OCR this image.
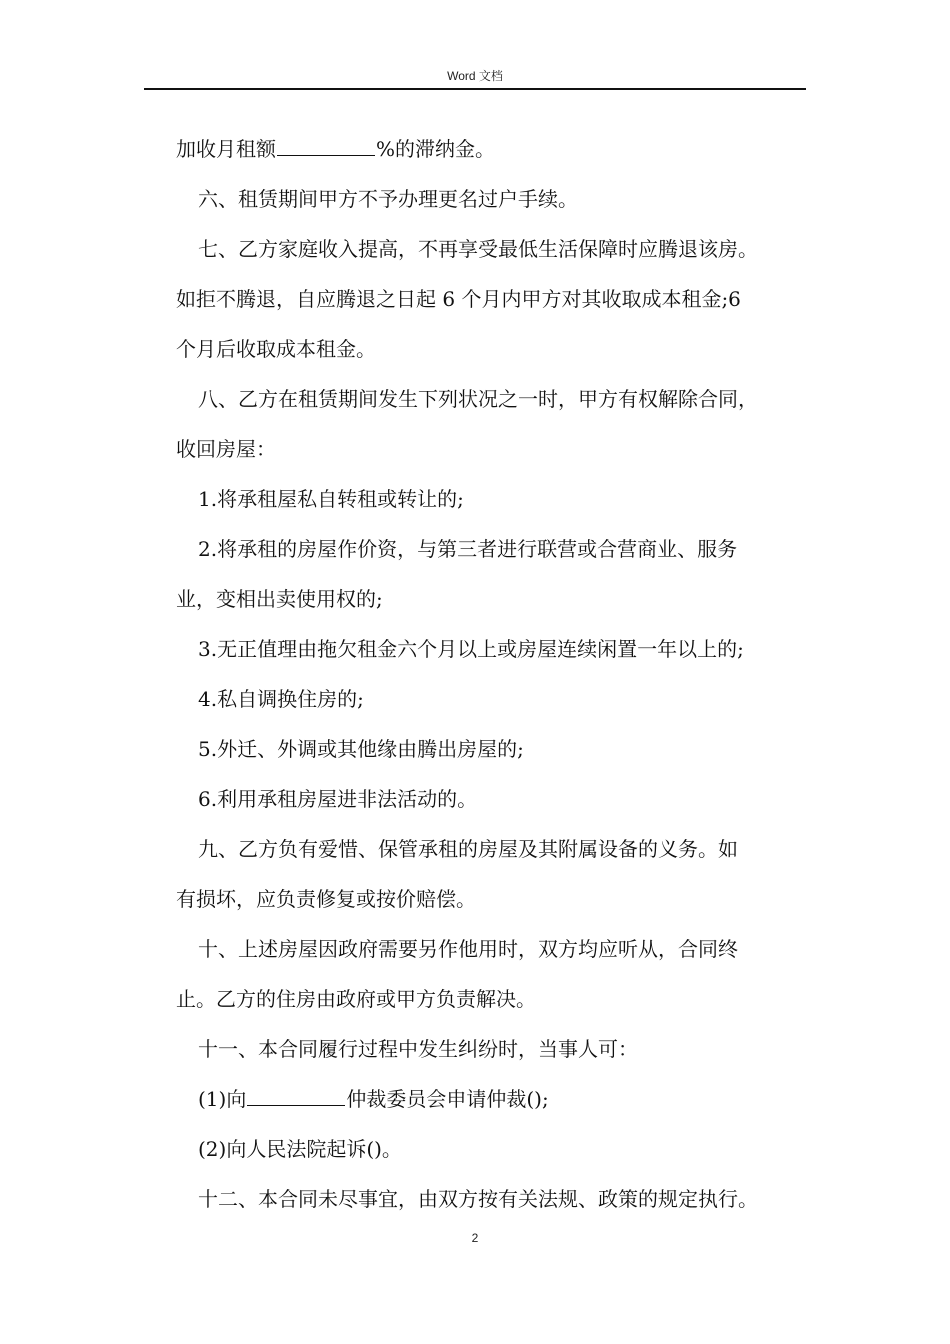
Word 文档
加收月租额	%的滞纳金。
六、租赁期间甲方不予办理更名过户手续。
七、乙方家庭收入提高，不再享受最低生活保障时应腾退该房。
如拒不腾退，自应腾退之日起 6 个月内甲方对其收取成本租金;6
个月后收取成本租金。
八、乙方在租赁期间发生下列状况之一时，甲方有权解除合同，
收回房屋：
1.将承租屋私自转租或转让的;
2.将承租的房屋作价资，与第三者进行联营或合营商业、服务
业，变相出卖使用权的;
3.无正值理由拖欠租金六个月以上或房屋连续闲置一年以上的;
4.私自调换住房的;
5.外迁、外调或其他缘由腾出房屋的;
6.利用承租房屋进非法活动的。
九、乙方负有爱惜、保管承租的房屋及其附属设备的义务。如
有损坏，应负责修复或按价赔偿。
十、上述房屋因政府需要另作他用时，双方均应听从，合同终
止。乙方的住房由政府或甲方负责解决。
十一、本合同履行过程中发生纠纷时，当事人可：
(1)向	仲裁委员会申请仲裁();
(2)向人民法院起诉()。
十二、本合同未尽事宜，由双方按有关法规、政策的规定执行。
2
